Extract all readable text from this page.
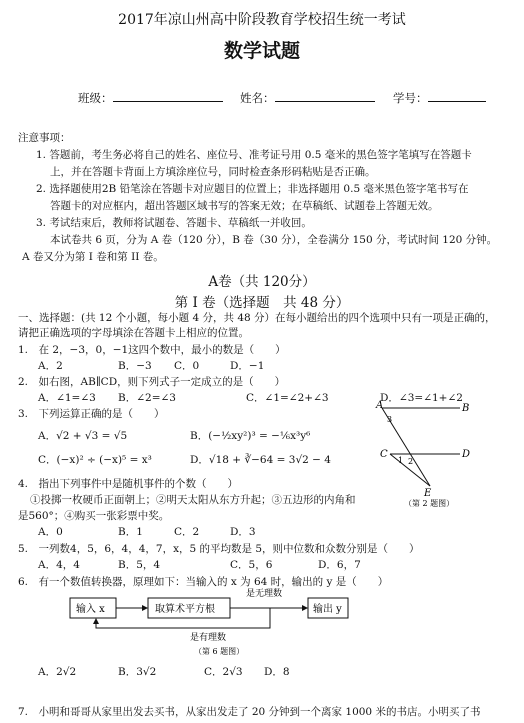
2017年凉山州高中阶段教育学校招生统一考试
数学试题
班级：	姓名：	学号：
注意事项：
1. 答题前，考生务必将自己的姓名、座位号、准考证号用 0.5 毫米的黑色签字笔填写在答题卡
上，并在答题卡背面上方填涂座位号，同时检查条形码粘贴是否正确。
2. 选择题使用2B 铅笔涂在答题卡对应题目的位置上；非选择题用 0.5 毫米黑色签字笔书写在
答题卡的对应框内，超出答题区域书写的答案无效；在草稿纸、试题卷上答题无效。
3. 考试结束后，教师将试题卷、答题卡、草稿纸一并收回。
本试卷共 6 页，分为 A 卷（120 分），B 卷（30 分），全卷满分 150 分，考试时间 120 分钟。
A 卷又分为第 I 卷和第 II 卷。
A卷（共 120分）
第 I 卷（选择题　共 48 分）
一、选择题：(共 12 个小题，每小题 4 分，共 48 分）在每小题给出的四个选项中只有一项是正确的，
请把正确选项的字母填涂在答题卡上相应的位置。
1.　在 2，−3，0，−1这四个数中，最小的数是（　　）
A．2	B．−3 C．0	D．−1
2.　如右图，AB∥CD，则下列式子一定成立的是（　　）
A．∠1=∠3 B．∠2=∠3	C．∠1=∠2+∠3	D．∠3=∠1+∠2
3.　下列运算正确的是（　　）
A．√2 + √3 = √5	B．(−½xy²)³ = −⅙x³y⁶
C．(−x)² ÷ (−x)⁵ = x³	D．√18 + ∛−64 = 3√2 − 4
A	B
C	D
E
1 2
3
（第 2 题图）
4.　指出下列事件中是随机事件的个数（　　）
①投掷一枚硬币正面朝上；②明天太阳从东方升起；③五边形的内角和
是560°；④购买一张彩票中奖。
A．0	B．1	C．2	D．3
5.　一列数4，5，6，4，4，7，x，5 的平均数是 5，则中位数和众数分别是（　　）
A．4，4	B．5，4	C．5，6	D．6，7
6.　有一个数值转换器，原理如下：当输入的 x 为 64 时，输出的 y 是（　　）
输入 x	取算术平方根	输出 y
是无理数
是有理数
（第 6 题图）
A．2√2	B．3√2	C．2√3 D．8
7.　小明和哥哥从家里出发去买书，从家出发走了 20 分钟到一个离家 1000 米的书店。小明买了书
